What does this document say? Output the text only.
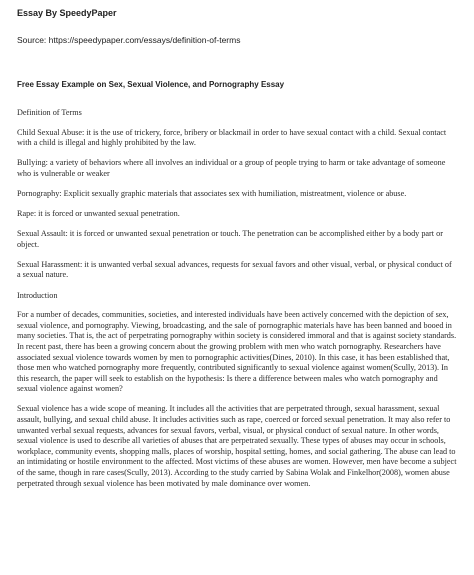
Essay By SpeedyPaper
Source: https://speedypaper.com/essays/definition-of-terms
Free Essay Example on Sex, Sexual Violence, and Pornography Essay

Definition of Terms

Child Sexual Abuse: it is the use of trickery, force, bribery or blackmail in order to have sexual contact with a child. Sexual contact with a child is illegal and highly prohibited by the law.

Bullying: a variety of behaviors where all involves an individual or a group of people trying to harm or take advantage of someone who is vulnerable or weaker

Pornography: Explicit sexually graphic materials that associates sex with humiliation, mistreatment, violence or abuse.

Rape: it is forced or unwanted sexual penetration.

Sexual Assault: it is forced or unwanted sexual penetration or touch. The penetration can be accomplished either by a body part or object.

Sexual Harassment: it is unwanted verbal sexual advances, requests for sexual favors and other visual, verbal, or physical conduct of a sexual nature.

Introduction

For a number of decades, communities, societies, and interested individuals have been actively concerned with the depiction of sex, sexual violence, and pornography. Viewing, broadcasting, and the sale of pornographic materials have has been banned and booed in many societies. That is, the act of perpetrating pornography within society is considered immoral and that is against society standards. In recent past, there has been a growing concern about the growing problem with men who watch pornography. Researchers have associated sexual violence towards women by men to pornographic activities(Dines, 2010). In this case, it has been established that, those men who watched pornography more frequently, contributed significantly to sexual violence against women(Scully, 2013). In this research, the paper will seek to establish on the hypothesis: Is there a difference between males who watch pornography and sexual violence against women?

Sexual violence has a wide scope of meaning. It includes all the activities that are perpetrated through, sexual harassment, sexual assault, bullying, and sexual child abuse. It includes activities such as rape, coerced or forced sexual penetration. It may also refer to unwanted verbal sexual requests, advances for sexual favors, verbal, visual, or physical conduct of sexual nature. In other words, sexual violence is used to describe all varieties of abuses that are perpetrated sexually. These types of abuses may occur in schools, workplace, community events, shopping malls, places of worship, hospital setting, homes, and social gathering. The abuse can lead to an intimidating or hostile environment to the affected. Most victims of these abuses are women. However, men have become a subject of the same, though in rare cases(Scully, 2013). According to the study carried by Sabina Wolak and Finkelhor(2008), women abuse perpetrated through sexual violence has been motivated by male dominance over women.
